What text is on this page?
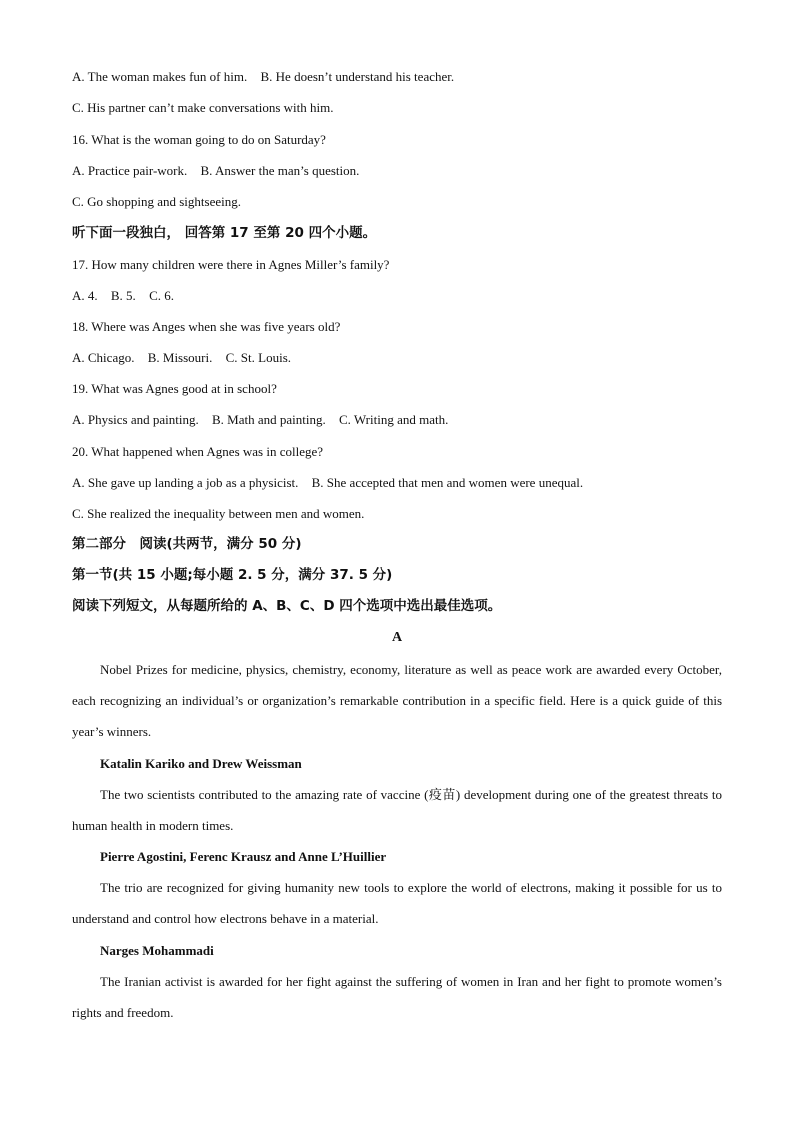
A. The woman makes fun of him. B. He doesn’t understand his teacher.
C. His partner can’t make conversations with him.
16. What is the woman going to do on Saturday?
A. Practice pair-work. B. Answer the man’s question.
C. Go shopping and sightseeing.
听下面一段独白， 回答第 17 至第 20 四个小题。
17. How many children were there in Agnes Miller’s family?
A. 4. B. 5. C. 6.
18. Where was Anges when she was five years old?
A. Chicago. B. Missouri. C. St. Louis.
19. What was Agnes good at in school?
A. Physics and painting. B. Math and painting. C. Writing and math.
20. What happened when Agnes was in college?
A. She gave up landing a job as a physicist. B. She accepted that men and women were unequal.
C. She realized the inequality between men and women.
第二部分　阅读(共两节，满分 50 分)
第一节(共 15 小题;每小题 2. 5 分，满分 37. 5 分)
阅读下列短文，从每题所给的 A、B、C、D 四个选项中选出最佳选项。
A
Nobel Prizes for medicine, physics, chemistry, economy, literature as well as peace work are awarded every October, each recognizing an individual’s or organization’s remarkable contribution in a specific field. Here is a quick guide of this year’s winners.
Katalin Kariko and Drew Weissman
The two scientists contributed to the amazing rate of vaccine (疫苗) development during one of the greatest threats to human health in modern times.
Pierre Agostini, Ferenc Krausz and Anne L’Huillier
The trio are recognized for giving humanity new tools to explore the world of electrons, making it possible for us to understand and control how electrons behave in a material.
Narges Mohammadi
The Iranian activist is awarded for her fight against the suffering of women in Iran and her fight to promote women’s rights and freedom.
